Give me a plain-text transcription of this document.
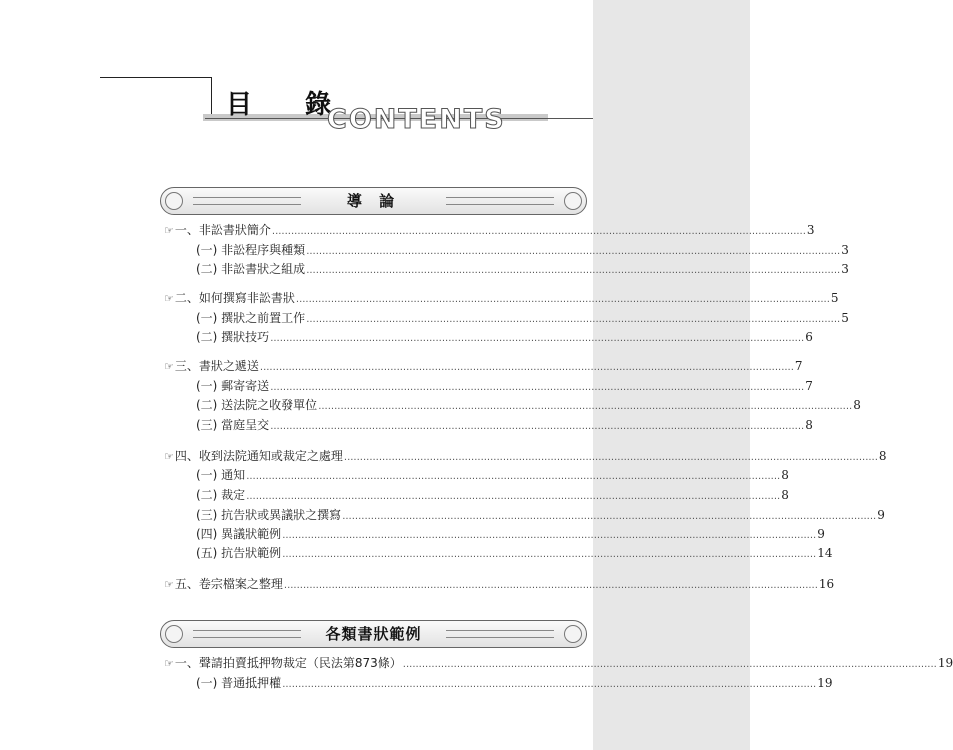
CONTENTS
目 錄
導 論
☞ 一、非訟書狀簡介 ........................................................................................................................................................................ 3
(一) 非訟程序與種類 ........................................................................................................................................................................ 3
(二) 非訟書狀之組成 ........................................................................................................................................................................ 3
☞ 二、如何撰寫非訟書狀 ........................................................................................................................................................................ 5
(一) 撰狀之前置工作 ........................................................................................................................................................................ 5
(二) 撰狀技巧 ........................................................................................................................................................................ 6
☞ 三、書狀之遞送 ........................................................................................................................................................................ 7
(一) 郵寄寄送 ........................................................................................................................................................................ 7
(二) 送法院之收發單位 ........................................................................................................................................................................ 8
(三) 當庭呈交 ........................................................................................................................................................................ 8
☞ 四、收到法院通知或裁定之處理 ........................................................................................................................................................................ 8
(一) 通知 ........................................................................................................................................................................ 8
(二) 裁定 ........................................................................................................................................................................ 8
(三) 抗告狀或異議狀之撰寫 ........................................................................................................................................................................ 9
(四) 異議狀範例 ........................................................................................................................................................................ 9
(五) 抗告狀範例 ........................................................................................................................................................................ 14
☞ 五、卷宗檔案之整理 ........................................................................................................................................................................ 16
各類書狀範例
☞ 一、聲請拍賣抵押物裁定（民法第873條） ........................................................................................................................................................................ 19
(一) 普通抵押權 ........................................................................................................................................................................ 19
